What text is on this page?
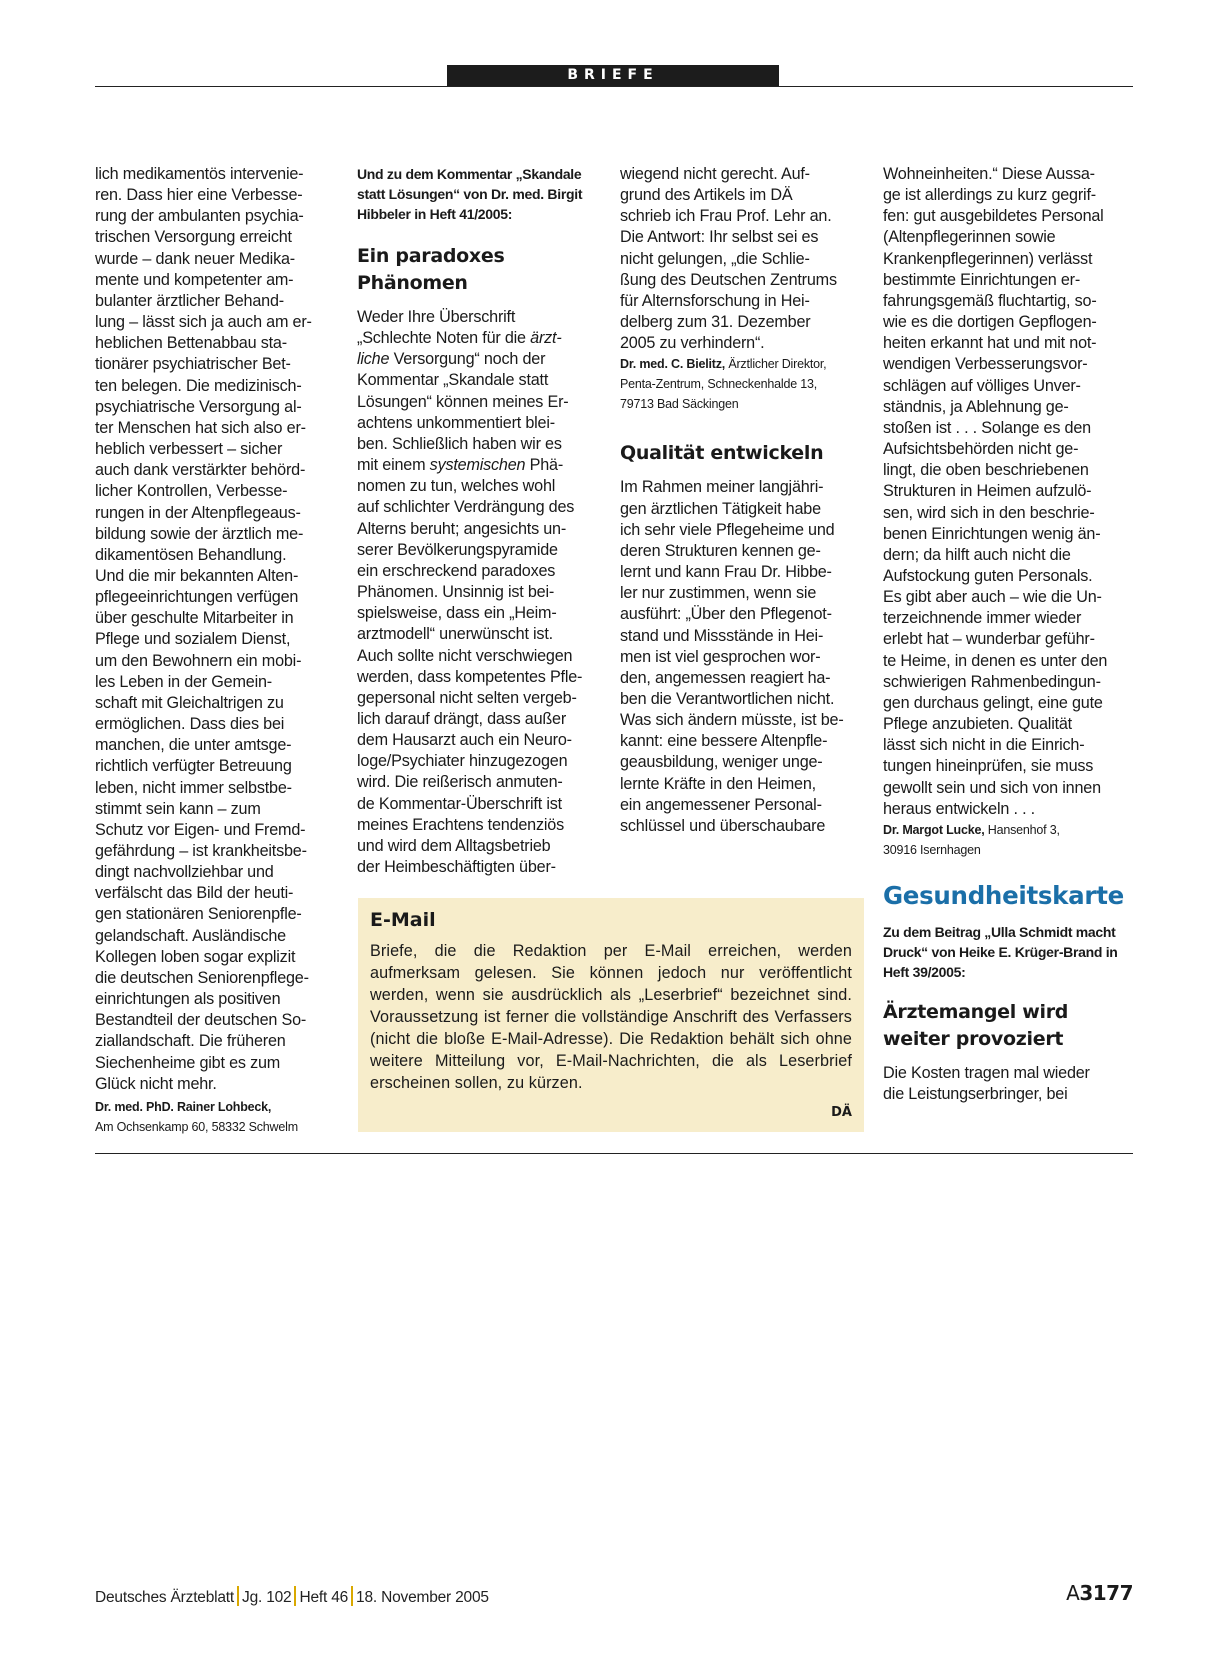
BRIEFE
lich medikamentös intervenie-
ren. Dass hier eine Verbesse-
rung der ambulanten psychia-
trischen Versorgung erreicht
wurde – dank neuer Medika-
mente und kompetenter am-
bulanter ärztlicher Behand-
lung – lässt sich ja auch am er-
heblichen Bettenabbau sta-
tionärer psychiatrischer Bet-
ten belegen. Die medizinisch-
psychiatrische Versorgung al-
ter Menschen hat sich also er-
heblich verbessert – sicher
auch dank verstärkter behörd-
licher Kontrollen, Verbesse-
rungen in der Altenpflegeaus-
bildung sowie der ärztlich me-
dikamentösen Behandlung.
Und die mir bekannten Alten-
pflegeeinrichtungen verfügen
über geschulte Mitarbeiter in
Pflege und sozialem Dienst,
um den Bewohnern ein mobi-
les Leben in der Gemein-
schaft mit Gleichaltrigen zu
ermöglichen. Dass dies bei
manchen, die unter amtsge-
richtlich verfügter Betreuung
leben, nicht immer selbstbe-
stimmt sein kann – zum
Schutz vor Eigen- und Fremd-
gefährdung – ist krankheitsbe-
dingt nachvollziehbar und
verfälscht das Bild der heuti-
gen stationären Seniorenpfle-
gelandschaft. Ausländische
Kollegen loben sogar explizit
die deutschen Seniorenpflege-
einrichtungen als positiven
Bestandteil der deutschen So-
ziallandschaft. Die früheren
Siechenheime gibt es zum
Glück nicht mehr.
Dr. med. PhD. Rainer Lohbeck,
Am Ochsenkamp 60, 58332 Schwelm
Und zu dem Kommentar „Skandale
statt Lösungen“ von Dr. med. Birgit
Hibbeler in Heft 41/2005:
Ein paradoxes Phänomen

Weder Ihre Überschrift

„Schlechte Noten für die ärzt-

liche Versorgung“ noch der

Kommentar „Skandale statt
Lösungen“ können meines Er-
achtens unkommentiert blei-
ben. Schließlich haben wir es

mit einem systemischen Phä-

nomen zu tun, welches wohl
auf schlichter Verdrängung des
Alterns beruht; angesichts un-
serer Bevölkerungspyramide
ein erschreckend paradoxes
Phänomen. Unsinnig ist bei-
spielsweise, dass ein „Heim-
arztmodell“ unerwünscht ist.
Auch sollte nicht verschwiegen
werden, dass kompetentes Pfle-
gepersonal nicht selten vergeb-
lich darauf drängt, dass außer
dem Hausarzt auch ein Neuro-
loge/Psychiater hinzugezogen
wird. Die reißerisch anmuten-
de Kommentar-Überschrift ist
meines Erachtens tendenziös
und wird dem Alltagsbetrieb
der Heimbeschäftigten über-
wiegend nicht gerecht. Auf-
grund des Artikels im DÄ
schrieb ich Frau Prof. Lehr an.
Die Antwort: Ihr selbst sei es
nicht gelungen, „die Schlie-
ßung des Deutschen Zentrums
für Alternsforschung in Hei-
delberg zum 31. Dezember
2005 zu verhindern“.
Dr. med. C. Bielitz, Ärztlicher Direktor,
Penta-Zentrum, Schneckenhalde 13,
79713 Bad Säckingen
Qualität entwickeln
Im Rahmen meiner langjähri-
gen ärztlichen Tätigkeit habe
ich sehr viele Pflegeheime und
deren Strukturen kennen ge-
lernt und kann Frau Dr. Hibbe-
ler nur zustimmen, wenn sie
ausführt: „Über den Pflegenot-
stand und Missstände in Hei-
men ist viel gesprochen wor-
den, angemessen reagiert ha-
ben die Verantwortlichen nicht.
Was sich ändern müsste, ist be-
kannt: eine bessere Altenpfle-
geausbildung, weniger unge-
lernte Kräfte in den Heimen,
ein angemessener Personal-
schlüssel und überschaubare
Wohneinheiten.“ Diese Aussa-
ge ist allerdings zu kurz gegrif-
fen: gut ausgebildetes Personal
(Altenpflegerinnen sowie
Krankenpflegerinnen) verlässt
bestimmte Einrichtungen er-
fahrungsgemäß fluchtartig, so-
wie es die dortigen Gepflogen-
heiten erkannt hat und mit not-
wendigen Verbesserungsvor-
schlägen auf völliges Unver-
ständnis, ja Ablehnung ge-
stoßen ist . . . Solange es den
Aufsichtsbehörden nicht ge-
lingt, die oben beschriebenen
Strukturen in Heimen aufzulö-
sen, wird sich in den beschrie-
benen Einrichtungen wenig än-
dern; da hilft auch nicht die
Aufstockung guten Personals.
Es gibt aber auch – wie die Un-
terzeichnende immer wieder
erlebt hat – wunderbar geführ-
te Heime, in denen es unter den
schwierigen Rahmenbedingun-
gen durchaus gelingt, eine gute
Pflege anzubieten. Qualität
lässt sich nicht in die Einrich-
tungen hineinprüfen, sie muss
gewollt sein und sich von innen
heraus entwickeln . . .
Dr. Margot Lucke, Hansenhof 3,
30916 Isernhagen
Gesundheitskarte
Zu dem Beitrag „Ulla Schmidt macht
Druck“ von Heike E. Krüger-Brand in
Heft 39/2005:
Ärztemangel wird
weiter provoziert
Die Kosten tragen mal wieder
die Leistungserbringer, bei
E-Mail

Briefe, die die Redaktion per E-Mail erreichen, werden aufmerksam gelesen. Sie können jedoch nur veröffentlicht werden, wenn sie ausdrücklich als „Leserbrief“ bezeichnet sind. Voraussetzung ist ferner die vollständige Anschrift des Verfassers (nicht die bloße E-Mail-Adresse). Die Redaktion behält sich ohne weitere Mitteilung vor, E-Mail-Nachrichten, die als Leserbrief erscheinen sollen, zu kürzen.

DÄ
Deutsches Ärzteblatt Jg. 102 Heft 46 18. November 2005	A3177
